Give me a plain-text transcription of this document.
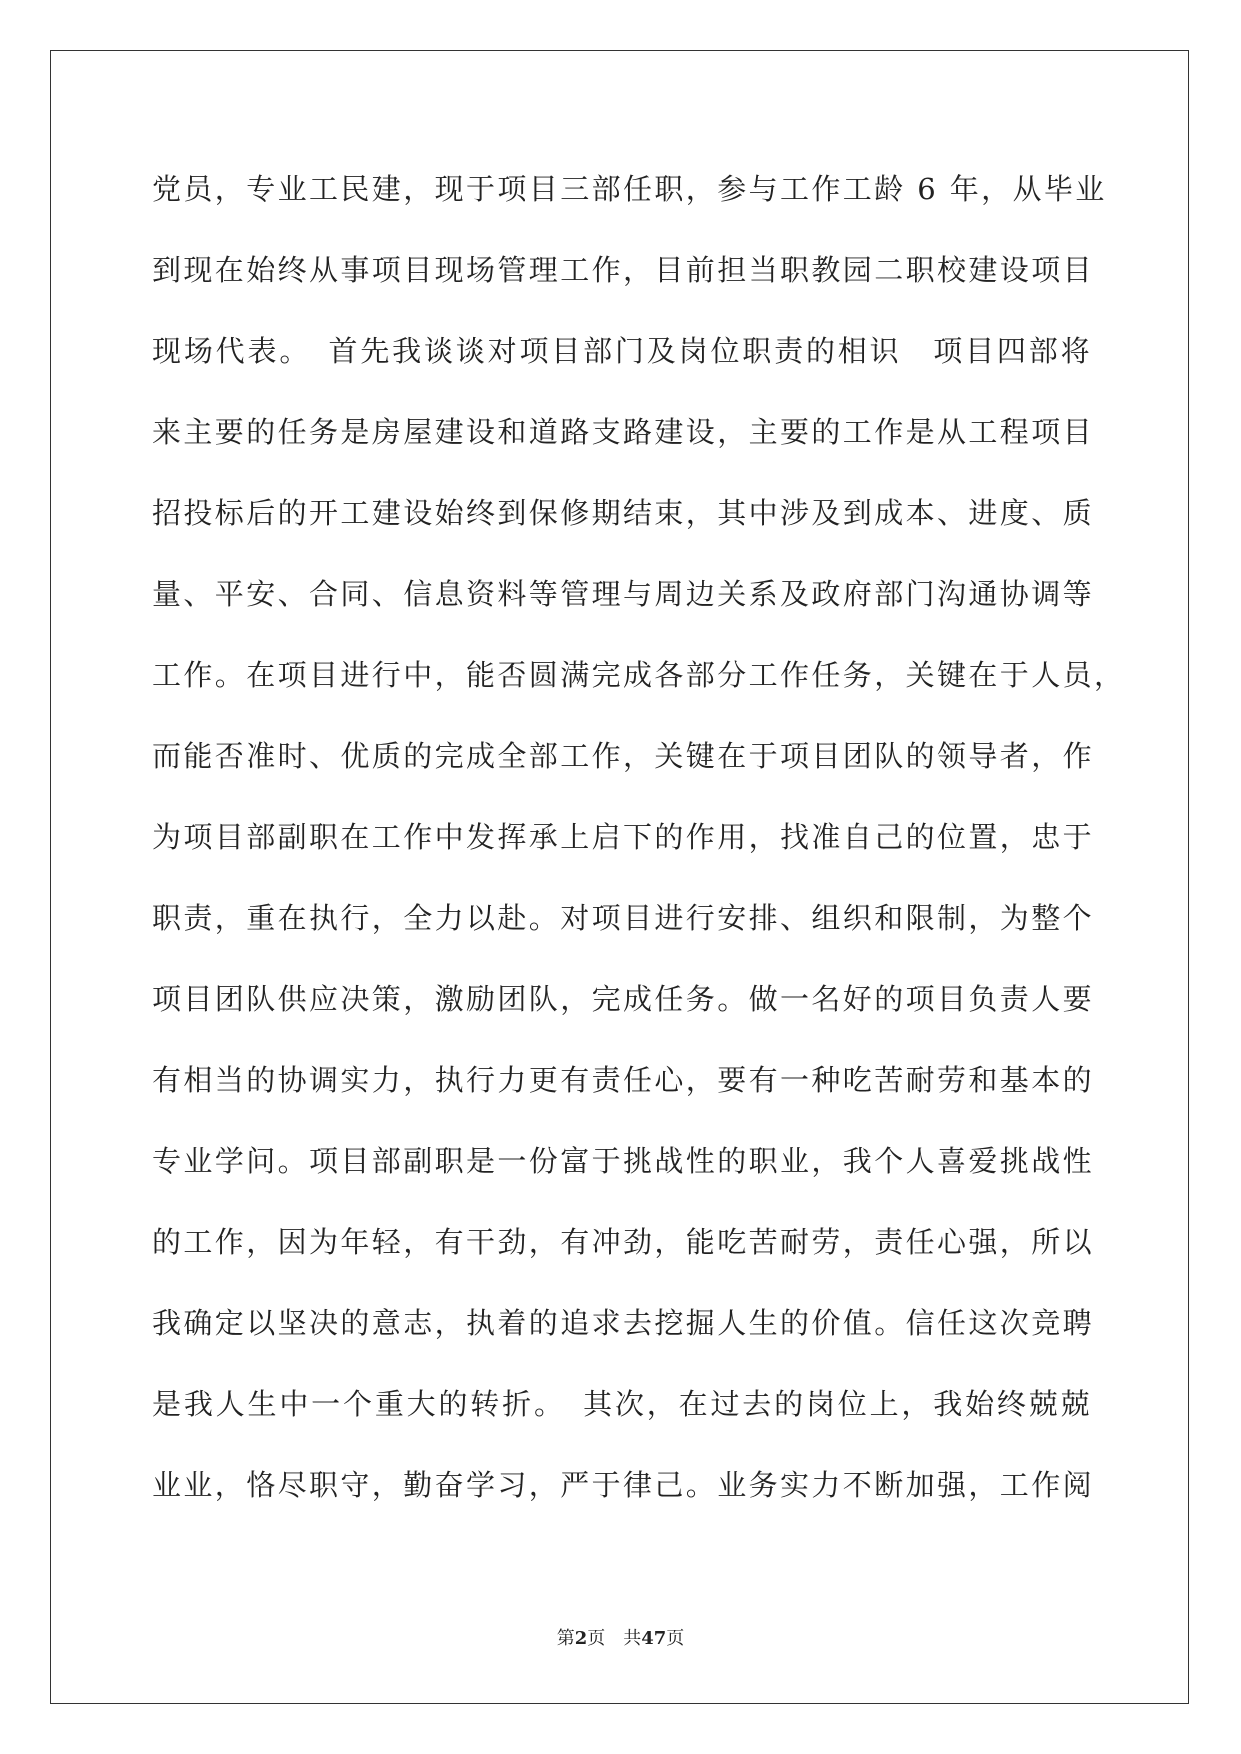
党员，专业工民建，现于项目三部任职，参与工作工龄 6 年，从毕业
到现在始终从事项目现场管理工作，目前担当职教园二职校建设项目
现场代表。　首先我谈谈对项目部门及岗位职责的相识　项目四部将
来主要的任务是房屋建设和道路支路建设，主要的工作是从工程项目
招投标后的开工建设始终到保修期结束，其中涉及到成本、进度、质
量、平安、合同、信息资料等管理与周边关系及政府部门沟通协调等
工作。在项目进行中，能否圆满完成各部分工作任务，关键在于人员，
而能否准时、优质的完成全部工作，关键在于项目团队的领导者，作
为项目部副职在工作中发挥承上启下的作用，找准自己的位置，忠于
职责，重在执行，全力以赴。对项目进行安排、组织和限制，为整个
项目团队供应决策，激励团队，完成任务。做一名好的项目负责人要
有相当的协调实力，执行力更有责任心，要有一种吃苦耐劳和基本的
专业学问。项目部副职是一份富于挑战性的职业，我个人喜爱挑战性
的工作，因为年轻，有干劲，有冲劲，能吃苦耐劳，责任心强，所以
我确定以坚决的意志，执着的追求去挖掘人生的价值。信任这次竞聘
是我人生中一个重大的转折。　其次，在过去的岗位上，我始终兢兢
业业，恪尽职守，勤奋学习，严于律己。业务实力不断加强，工作阅
第2页 共47页
